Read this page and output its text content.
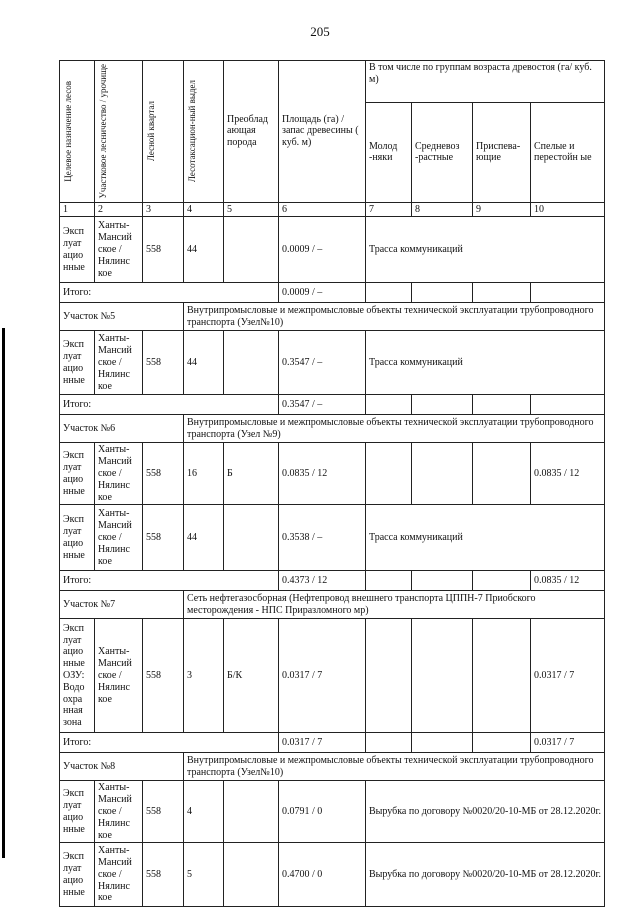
205
Целевое назначение лесов	Участковое лесничество / урочище	Лесной квартал	Лесотаксацион-ный выдел	Преоблад ающая порода	Площадь (га) / запас древесины ( куб. м)	В том числе по группам возраста древостоя (га/ куб. м)			
						Молод -няки	Средневоз -растные	Приспева- ющие	Спелые и перестойн ые
1	2	3	4	5	6	7	8	9	10
Эксп луат ацио нные	Ханты- Мансий ское / Нялинс кое	558	44		0.0009 / –	Трасса коммуникаций			
Итого:					0.0009 / –				
Участок №5			Внутрипромысловые и межпромысловые объекты технической эксплуатации трубопроводного транспорта (Узел№10)						
Эксп луат ацио нные	Ханты- Мансий ское / Нялинс кое	558	44		0.3547 / –	Трасса коммуникаций			
Итого:					0.3547 / –				
Участок №6			Внутрипромысловые и межпромысловые объекты технической эксплуатации трубопроводного транспорта (Узел №9)						
Эксп луат ацио нные	Ханты- Мансий ское / Нялинс кое	558	16	Б	0.0835 / 12				0.0835 / 12
Эксп луат ацио нные	Ханты- Мансий ское / Нялинс кое	558	44		0.3538 / –	Трасса коммуникаций			
Итого:					0.4373 / 12				0.0835 / 12
Участок №7			Сеть нефтегазосборная (Нефтепровод внешнего транспорта ЦППН-7 Приобского месторождения - НПС Приразломного мр)						
Эксп луат ацио нные ОЗУ: Водо охра нная зона	Ханты- Мансий ское / Нялинс кое	558	3	Б/К	0.0317 / 7				0.0317 / 7
Итого:					0.0317 / 7				0.0317 / 7
Участок №8			Внутрипромысловые и межпромысловые объекты технической эксплуатации трубопроводного транспорта (Узел№10)						
Эксп луат ацио нные	Ханты- Мансий ское / Нялинс кое	558	4		0.0791 / 0	Вырубка по договору №0020/20-10-МБ от 28.12.2020г.			
Эксп луат ацио нные	Ханты- Мансий ское / Нялинс кое	558	5		0.4700 / 0	Вырубка по договору №0020/20-10-МБ от 28.12.2020г.			
